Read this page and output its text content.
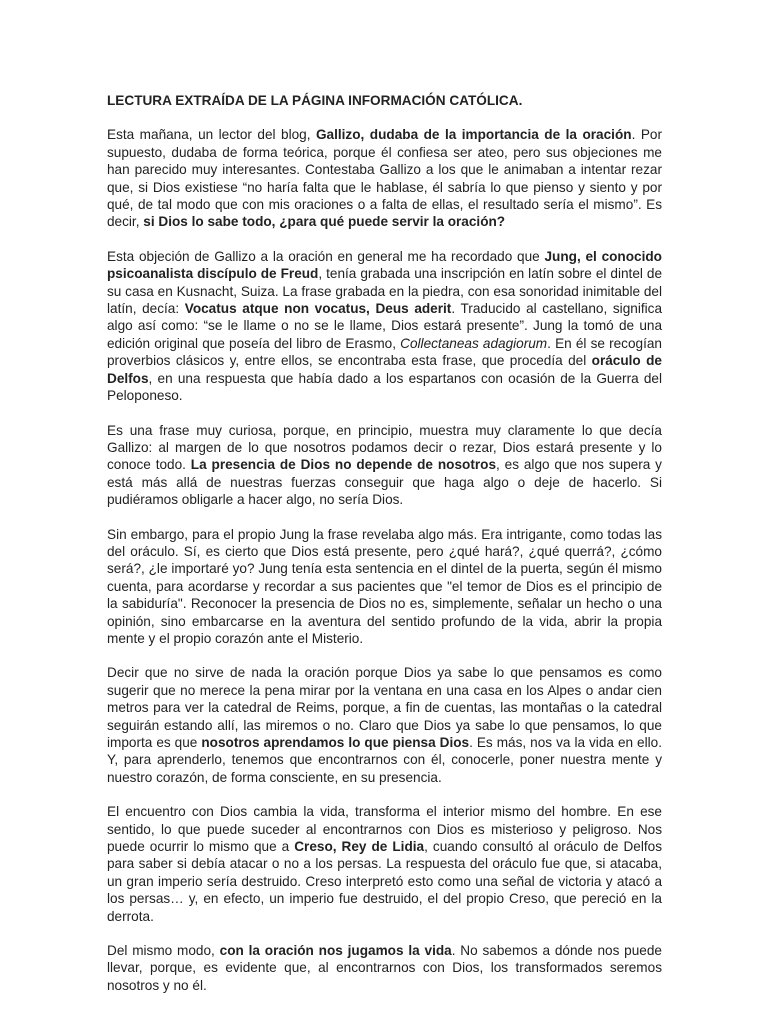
LECTURA EXTRAÍDA DE LA PÁGINA INFORMACIÓN CATÓLICA.

Esta mañana, un lector del blog, Gallizo, dudaba de la importancia de la oración. Por supuesto, dudaba de forma teórica, porque él confiesa ser ateo, pero sus objeciones me han parecido muy interesantes. Contestaba Gallizo a los que le animaban a intentar rezar que, si Dios existiese “no haría falta que le hablase, él sabría lo que pienso y siento y por qué, de tal modo que con mis oraciones o a falta de ellas, el resultado sería el mismo”. Es decir, si Dios lo sabe todo, ¿para qué puede servir la oración?

Esta objeción de Gallizo a la oración en general me ha recordado que Jung, el conocido psicoanalista discípulo de Freud, tenía grabada una inscripción en latín sobre el dintel de su casa en Kusnacht, Suiza. La frase grabada en la piedra, con esa sonoridad inimitable del latín, decía: Vocatus atque non vocatus, Deus aderit. Traducido al castellano, significa algo así como: “se le llame o no se le llame, Dios estará presente”. Jung la tomó de una edición original que poseía del libro de Erasmo, Collectaneas adagiorum. En él se recogían proverbios clásicos y, entre ellos, se encontraba esta frase, que procedía del oráculo de Delfos, en una respuesta que había dado a los espartanos con ocasión de la Guerra del Peloponeso.

Es una frase muy curiosa, porque, en principio, muestra muy claramente lo que decía Gallizo: al margen de lo que nosotros podamos decir o rezar, Dios estará presente y lo conoce todo. La presencia de Dios no depende de nosotros, es algo que nos supera y está más allá de nuestras fuerzas conseguir que haga algo o deje de hacerlo. Si pudiéramos obligarle a hacer algo, no sería Dios.

Sin embargo, para el propio Jung la frase revelaba algo más. Era intrigante, como todas las del oráculo. Sí, es cierto que Dios está presente, pero ¿qué hará?, ¿qué querrá?, ¿cómo será?, ¿le importaré yo? Jung tenía esta sentencia en el dintel de la puerta, según él mismo cuenta, para acordarse y recordar a sus pacientes que "el temor de Dios es el principio de la sabiduría". Reconocer la presencia de Dios no es, simplemente, señalar un hecho o una opinión, sino embarcarse en la aventura del sentido profundo de la vida, abrir la propia mente y el propio corazón ante el Misterio.

Decir que no sirve de nada la oración porque Dios ya sabe lo que pensamos es como sugerir que no merece la pena mirar por la ventana en una casa en los Alpes o andar cien metros para ver la catedral de Reims, porque, a fin de cuentas, las montañas o la catedral seguirán estando allí, las miremos o no. Claro que Dios ya sabe lo que pensamos, lo que importa es que nosotros aprendamos lo que piensa Dios. Es más, nos va la vida en ello. Y, para aprenderlo, tenemos que encontrarnos con él, conocerle, poner nuestra mente y nuestro corazón, de forma consciente, en su presencia.

El encuentro con Dios cambia la vida, transforma el interior mismo del hombre. En ese sentido, lo que puede suceder al encontrarnos con Dios es misterioso y peligroso. Nos puede ocurrir lo mismo que a Creso, Rey de Lidia, cuando consultó al oráculo de Delfos para saber si debía atacar o no a los persas. La respuesta del oráculo fue que, si atacaba, un gran imperio sería destruido. Creso interpretó esto como una señal de victoria y atacó a los persas… y, en efecto, un imperio fue destruido, el del propio Creso, que pereció en la derrota.

Del mismo modo, con la oración nos jugamos la vida. No sabemos a dónde nos puede llevar, porque, es evidente que, al encontrarnos con Dios, los transformados seremos nosotros y no él.
